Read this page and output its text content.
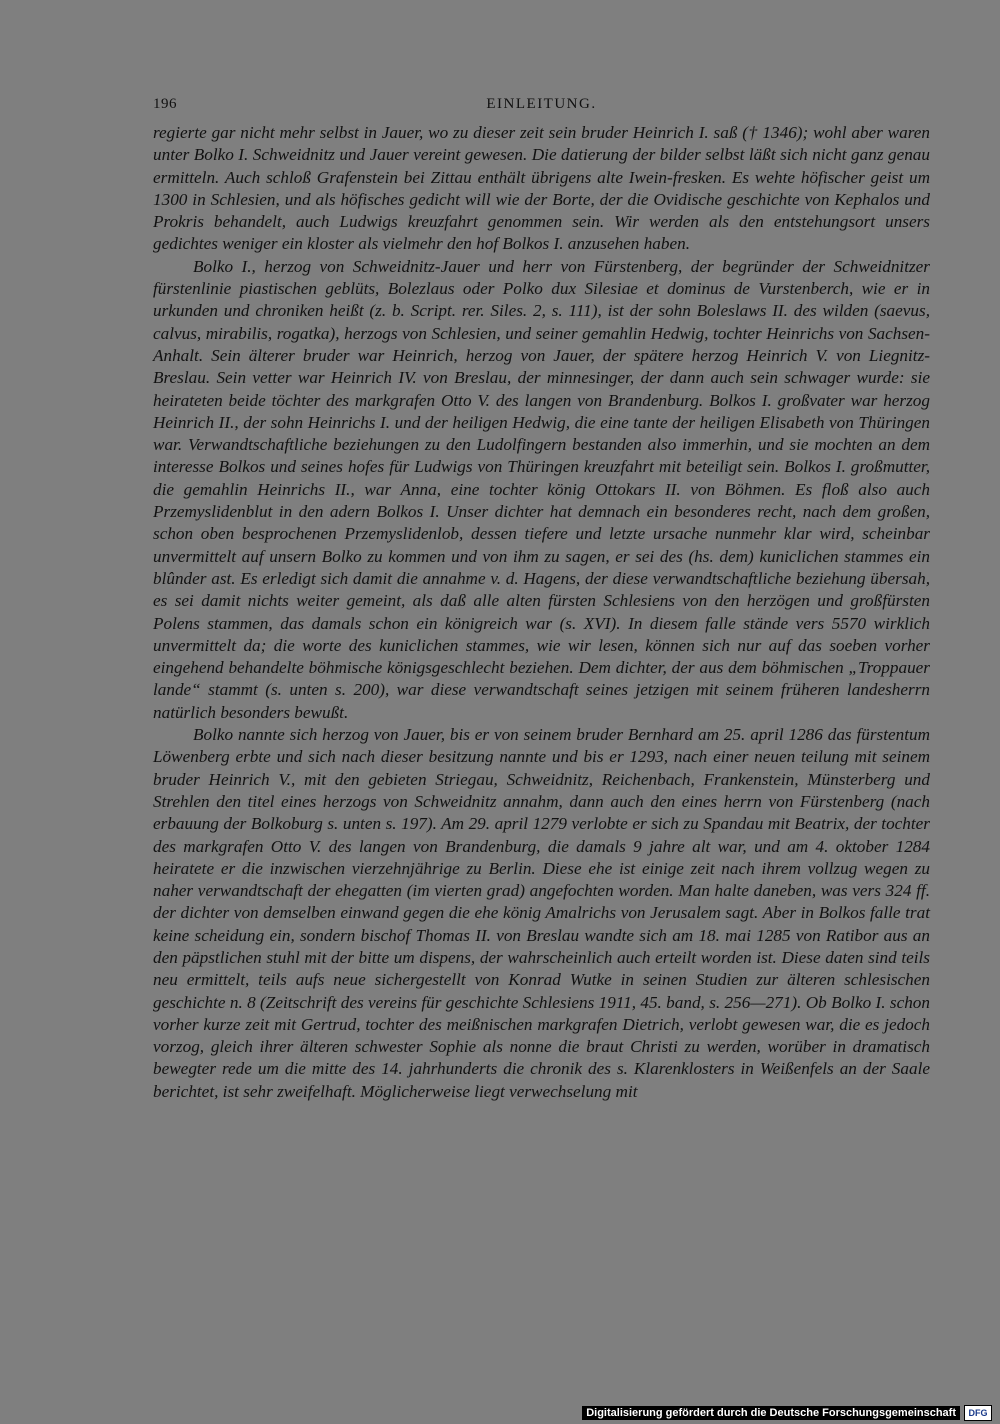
196	EINLEITUNG.

regierte gar nicht mehr selbst in Jauer, wo zu dieser zeit sein bruder Heinrich I. saß († 1346); wohl aber waren unter Bolko I. Schweidnitz und Jauer vereint gewesen. Die datierung der bilder selbst läßt sich nicht ganz genau ermitteln. Auch schloß Grafenstein bei Zittau enthält übrigens alte Iwein-fresken. Es wehte höfischer geist um 1300 in Schlesien, und als höfisches gedicht will wie der Borte, der die Ovidische geschichte von Kephalos und Prokris behandelt, auch Ludwigs kreuzfahrt genommen sein. Wir werden als den entstehungsort unsers gedichtes weniger ein kloster als vielmehr den hof Bolkos I. anzusehen haben.

Bolko I., herzog von Schweidnitz-Jauer und herr von Fürstenberg, der begründer der Schweidnitzer fürstenlinie piastischen geblüts, Bolezlaus oder Polko dux Silesiae et dominus de Vurstenberch, wie er in urkunden und chroniken heißt (z. b. Script. rer. Siles. 2, s. 111), ist der sohn Boleslaws II. des wilden (saevus, calvus, mirabilis, rogatka), herzogs von Schlesien, und seiner gemahlin Hedwig, tochter Heinrichs von Sachsen-Anhalt. Sein älterer bruder war Heinrich, herzog von Jauer, der spätere herzog Heinrich V. von Liegnitz-Breslau. Sein vetter war Heinrich IV. von Breslau, der minnesinger, der dann auch sein schwager wurde: sie heirateten beide töchter des markgrafen Otto V. des langen von Brandenburg. Bolkos I. großvater war herzog Heinrich II., der sohn Heinrichs I. und der heiligen Hedwig, die eine tante der heiligen Elisabeth von Thüringen war. Verwandtschaftliche beziehungen zu den Ludolfingern bestanden also immerhin, und sie mochten an dem interesse Bolkos und seines hofes für Ludwigs von Thüringen kreuzfahrt mit beteiligt sein. Bolkos I. großmutter, die gemahlin Heinrichs II., war Anna, eine tochter könig Ottokars II. von Böhmen. Es floß also auch Przemyslidenblut in den adern Bolkos I. Unser dichter hat demnach ein besonderes recht, nach dem großen, schon oben besprochenen Przemyslidenlob, dessen tiefere und letzte ursache nunmehr klar wird, scheinbar unvermittelt auf unsern Bolko zu kommen und von ihm zu sagen, er sei des (hs. dem) kuniclichen stammes ein blûnder ast. Es erledigt sich damit die annahme v. d. Hagens, der diese verwandtschaftliche beziehung übersah, es sei damit nichts weiter gemeint, als daß alle alten fürsten Schlesiens von den herzögen und großfürsten Polens stammen, das damals schon ein königreich war (s. XVI). In diesem falle stände vers 5570 wirklich unvermittelt da; die worte des kuniclichen stammes, wie wir lesen, können sich nur auf das soeben vorher eingehend behandelte böhmische königsgeschlecht beziehen. Dem dichter, der aus dem böhmischen „Troppauer lande“ stammt (s. unten s. 200), war diese verwandtschaft seines jetzigen mit seinem früheren landesherrn natürlich besonders bewußt.

Bolko nannte sich herzog von Jauer, bis er von seinem bruder Bernhard am 25. april 1286 das fürstentum Löwenberg erbte und sich nach dieser besitzung nannte und bis er 1293, nach einer neuen teilung mit seinem bruder Heinrich V., mit den gebieten Striegau, Schweidnitz, Reichenbach, Frankenstein, Münsterberg und Strehlen den titel eines herzogs von Schweidnitz annahm, dann auch den eines herrn von Fürstenberg (nach erbauung der Bolkoburg s. unten s. 197). Am 29. april 1279 verlobte er sich zu Spandau mit Beatrix, der tochter des markgrafen Otto V. des langen von Brandenburg, die damals 9 jahre alt war, und am 4. oktober 1284 heiratete er die inzwischen vierzehnjährige zu Berlin. Diese ehe ist einige zeit nach ihrem vollzug wegen zu naher verwandtschaft der ehegatten (im vierten grad) angefochten worden. Man halte daneben, was vers 324 ff. der dichter von demselben einwand gegen die ehe könig Amalrichs von Jerusalem sagt. Aber in Bolkos falle trat keine scheidung ein, sondern bischof Thomas II. von Breslau wandte sich am 18. mai 1285 von Ratibor aus an den päpstlichen stuhl mit der bitte um dispens, der wahrscheinlich auch erteilt worden ist. Diese daten sind teils neu ermittelt, teils aufs neue sichergestellt von Konrad Wutke in seinen Studien zur älteren schlesischen geschichte n. 8 (Zeitschrift des vereins für geschichte Schlesiens 1911, 45. band, s. 256—271). Ob Bolko I. schon vorher kurze zeit mit Gertrud, tochter des meißnischen markgrafen Dietrich, verlobt gewesen war, die es jedoch vorzog, gleich ihrer älteren schwester Sophie als nonne die braut Christi zu werden, worüber in dramatisch bewegter rede um die mitte des 14. jahrhunderts die chronik des s. Klarenklosters in Weißenfels an der Saale berichtet, ist sehr zweifelhaft. Möglicherweise liegt verwechselung mit

Digitalisierung gefördert durch die Deutsche Forschungsgemeinschaft	DFG
